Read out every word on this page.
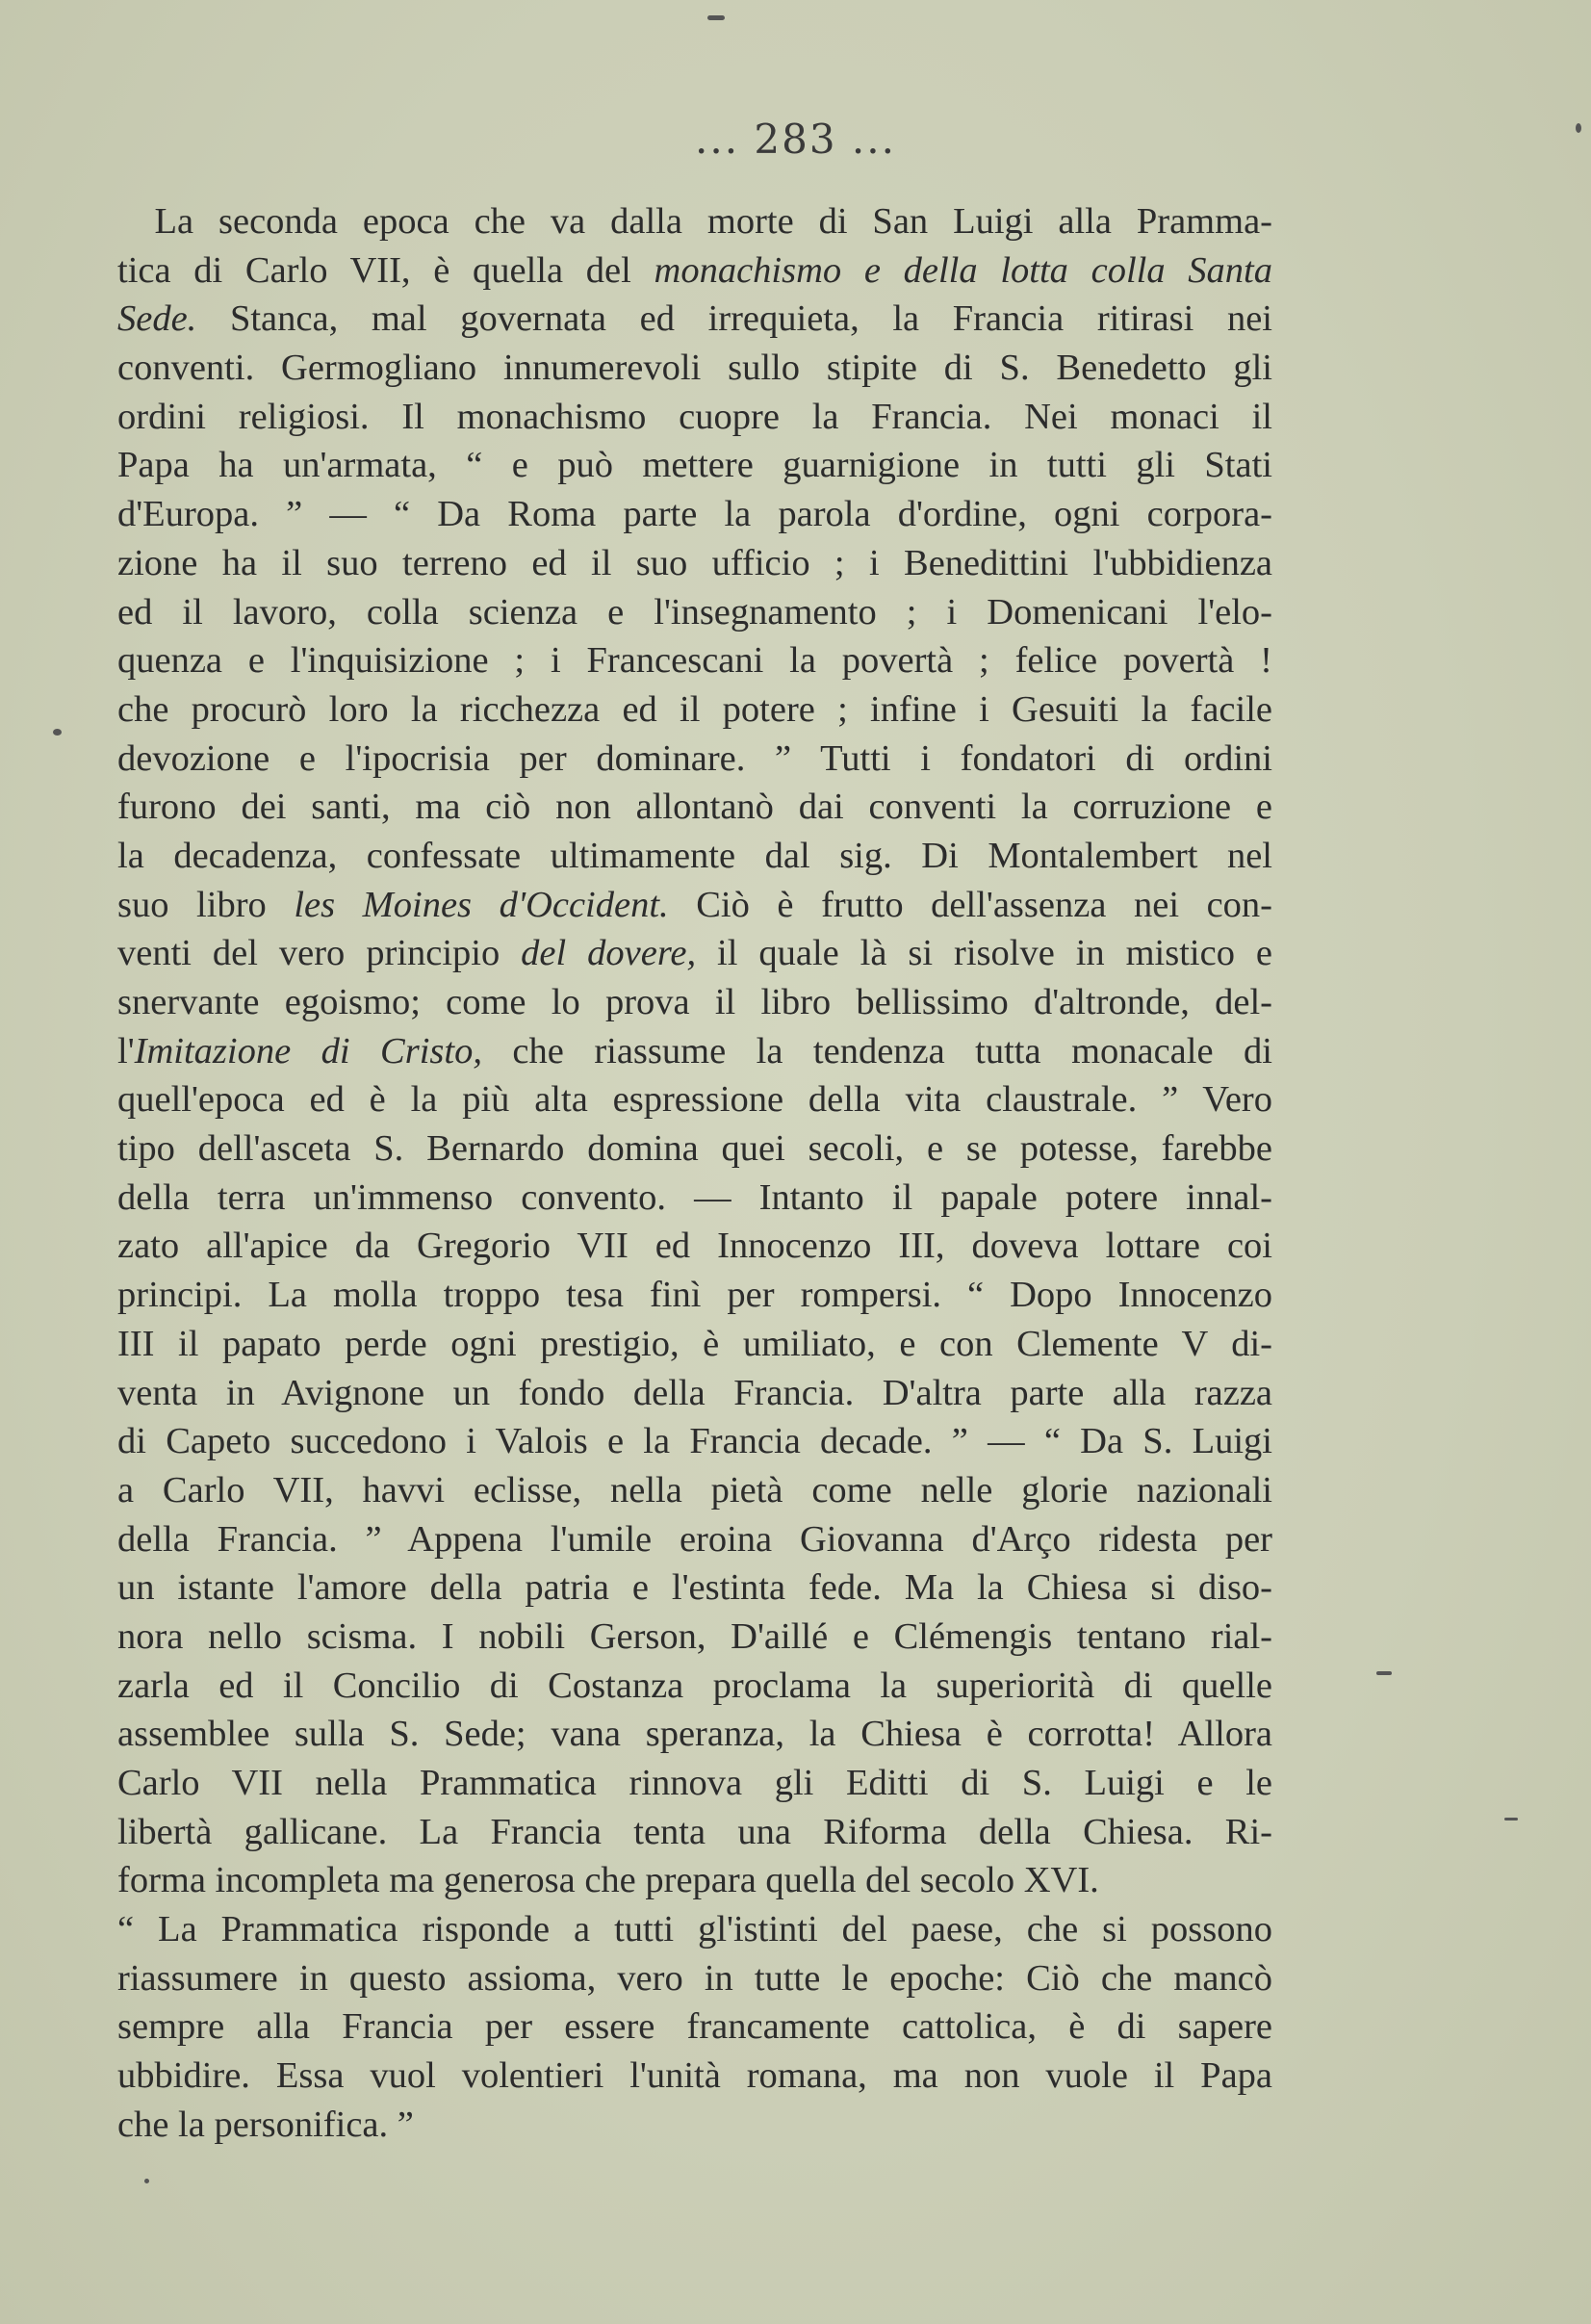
... 283 ...
 La seconda epoca che va dalla morte di San Luigi alla Pramma-
tica di Carlo VII, è quella del monachismo e della lotta colla Santa
Sede. Stanca, mal governata ed irrequieta, la Francia ritirasi nei
conventi. Germogliano innumerevoli sullo stipite di S. Benedetto gli
ordini religiosi. Il monachismo cuopre la Francia. Nei monaci il
Papa ha un'armata, “ e può mettere guarnigione in tutti gli Stati
d'Europa. ” — “ Da Roma parte la parola d'ordine, ogni corpora-
zione ha il suo terreno ed il suo ufficio ; i Benedittini l'ubbidienza
ed il lavoro, colla scienza e l'insegnamento ; i Domenicani l'elo-
quenza e l'inquisizione ; i Francescani la povertà ; felice povertà !
che procurò loro la ricchezza ed il potere ; infine i Gesuiti la facile
devozione e l'ipocrisia per dominare. ” Tutti i fondatori di ordini
furono dei santi, ma ciò non allontanò dai conventi la corruzione e
la decadenza, confessate ultimamente dal sig. Di Montalembert nel
suo libro les Moines d'Occident. Ciò è frutto dell'assenza nei con-
venti del vero principio del dovere, il quale là si risolve in mistico e
snervante egoismo; come lo prova il libro bellissimo d'altronde, del-
l'Imitazione di Cristo, che riassume la tendenza tutta monacale di
quell'epoca ed è la più alta espressione della vita claustrale. ” Vero
tipo dell'asceta S. Bernardo domina quei secoli, e se potesse, farebbe
della terra un'immenso convento. — Intanto il papale potere innal-
zato all'apice da Gregorio VII ed Innocenzo III, doveva lottare coi
principi. La molla troppo tesa finì per rompersi. “ Dopo Innocenzo
III il papato perde ogni prestigio, è umiliato, e con Clemente V di-
venta in Avignone un fondo della Francia. D'altra parte alla razza
di Capeto succedono i Valois e la Francia decade. ” — “ Da S. Luigi
a Carlo VII, havvi eclisse, nella pietà come nelle glorie nazionali
della Francia. ” Appena l'umile eroina Giovanna d'Arço ridesta per
un istante l'amore della patria e l'estinta fede. Ma la Chiesa si diso-
nora nello scisma. I nobili Gerson, D'aillé e Clémengis tentano rial-
zarla ed il Concilio di Costanza proclama la superiorità di quelle
assemblee sulla S. Sede; vana speranza, la Chiesa è corrotta! Allora
Carlo VII nella Prammatica rinnova gli Editti di S. Luigi e le
libertà gallicane. La Francia tenta una Riforma della Chiesa. Ri-
forma incompleta ma generosa che prepara quella del secolo XVI.
“ La Prammatica risponde a tutti gl'istinti del paese, che si possono
riassumere in questo assioma, vero in tutte le epoche: Ciò che mancò
sempre alla Francia per essere francamente cattolica, è di sapere
ubbidire. Essa vuol volentieri l'unità romana, ma non vuole il Papa
che la personifica. ”
